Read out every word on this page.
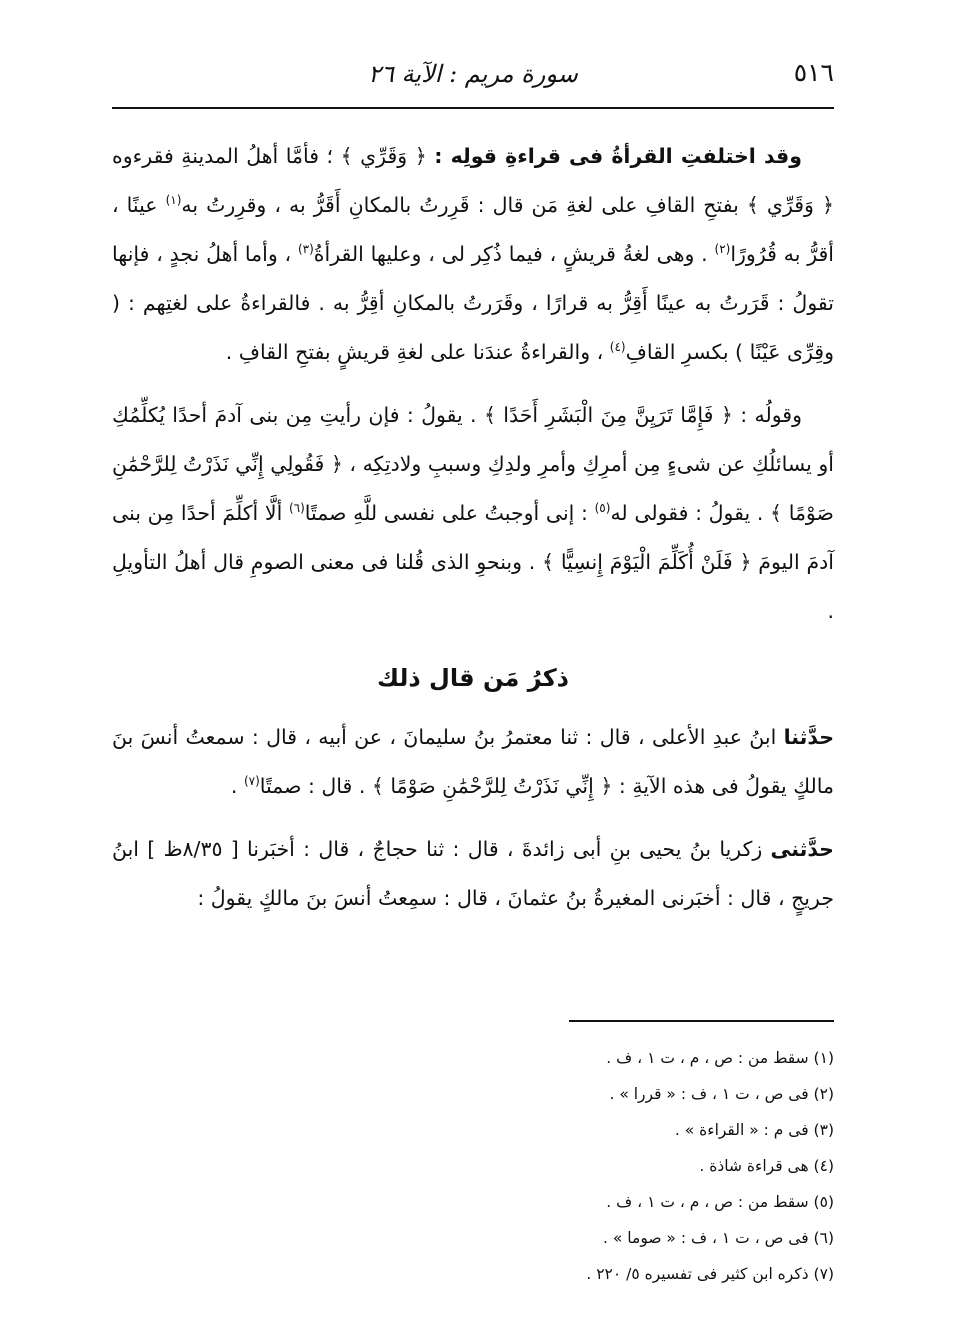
٥١٦
سورة مريم : الآية ٢٦

وقد اختلفتِ القرأةُ فى قراءةِ قولِه : ﴿ وَقَرِّي ﴾ ؛ فأمَّا أهلُ المدينةِ فقرءوه ﴿ وَقَرِّي ﴾ بفتحِ القافِ على لغةِ مَن قال : قَرِرتُ بالمكانِ أَقَرُّ به ، وقرِرتُ به$^{(١)}$ عينًا ، أقرُّ به قُرُورًا$^{(٢)}$ . وهى لغةُ قريشٍ ، فيما ذُكِر لى ، وعليها القرأةُ$^{(٣)}$ ، وأما أهلُ نجدٍ ، فإنها تقولُ : قَرَرتُ به عينًا أَقِرُّ به قرارًا ، وقَرَرتُ بالمكانِ أقِرُّ به . فالقراءةُ على لغتِهم : ( وقِرِّى عَيْنًا ) بكسرِ القافِ$^{(٤)}$ ، والقراءةُ عندَنا على لغةِ قريشٍ بفتحِ القافِ .

وقولُه : ﴿ فَإِمَّا تَرَيِنَّ مِنَ الْبَشَرِ أَحَدًا ﴾ . يقولُ : فإن رأيتِ مِن بنى آدمَ أحدًا يُكلِّمُكِ أو يسائلُكِ عن شىءٍ مِن أمرِكِ وأمرِ ولدِكِ وسببِ ولادتِكِه ، ﴿ فَقُولِي إِنِّي نَذَرْتُ لِلرَّحْمَٰنِ صَوْمًا ﴾ . يقولُ : فقولى له$^{(٥)}$ : إنى أوجبتُ على نفسى للَّهِ صمتًا$^{(٦)}$ ألَّا أكلِّمَ أحدًا مِن بنى آدمَ اليومَ ﴿ فَلَنْ أُكَلِّمَ الْيَوْمَ إِنسِيًّا ﴾ . وبنحوِ الذى قُلنا فى معنى الصومِ قال أهلُ التأويلِ .

ذكرُ مَن قال ذلك

حدَّثنا ابنُ عبدِ الأعلى ، قال : ثنا معتمرُ بنُ سليمانَ ، عن أبيه ، قال : سمعتُ أنسَ بنَ مالكٍ يقولُ فى هذه الآيةِ : ﴿ إِنِّي نَذَرْتُ لِلرَّحْمَٰنِ صَوْمًا ﴾ . قال : صمتًا$^{(٧)}$ .

حدَّثنى زكريا بنُ يحيى بنِ أبى زائدةَ ، قال : ثنا حجاجٌ ، قال : أخبَرنا [ ٨/٣٥ظ ] ابنُ جريجٍ ، قال : أخبَرنى المغيرةُ بنُ عثمانَ ، قال : سمِعتُ أنسَ بنَ مالكٍ يقولُ :

(١) سقط من : ص ، م ، ت ١ ، ف .
(٢) فى ص ، ت ١ ، ف : « قررا » .
(٣) فى م : « القراءة » .
(٤) هى قراءة شاذة .
(٥) سقط من : ص ، م ، ت ١ ، ف .
(٦) فى ص ، ت ١ ، ف : « صوما » .
(٧) ذكره ابن كثير فى تفسيره ٥/ ٢٢٠ .
